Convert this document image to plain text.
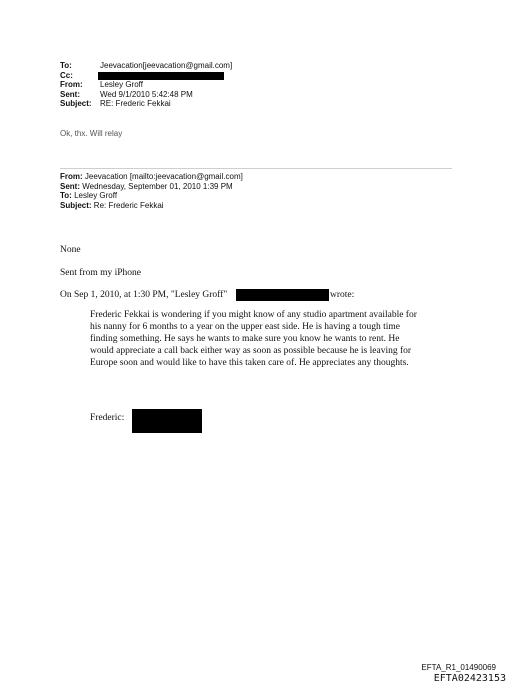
To:	Jeevacation[jeevacation@gmail.com]
Cc:
From: Lesley Groff
Sent:	Wed 9/1/2010 5:42:48 PM
Subject: RE: Frederic Fekkai
Ok, thx. Will relay
From: Jeevacation [mailto:jeevacation@gmail.com]
Sent: Wednesday, September 01, 2010 1:39 PM
To: Lesley Groff
Subject: Re: Frederic Fekkai
None
Sent from my iPhone
On Sep 1, 2010, at 1:30 PM, "Lesley Groff"	wrote:
Frederic Fekkai is wondering if you might know of any studio apartment available for his nanny for 6 months to a year on the upper east side. He is having a tough time finding something. He says he wants to make sure you know he wants to rent. He would appreciate a call back either way as soon as possible because he is leaving for Europe soon and would like to have this taken care of. He appreciates any thoughts.
Frederic:
EFTA_R1_01490069
EFTA02423153
